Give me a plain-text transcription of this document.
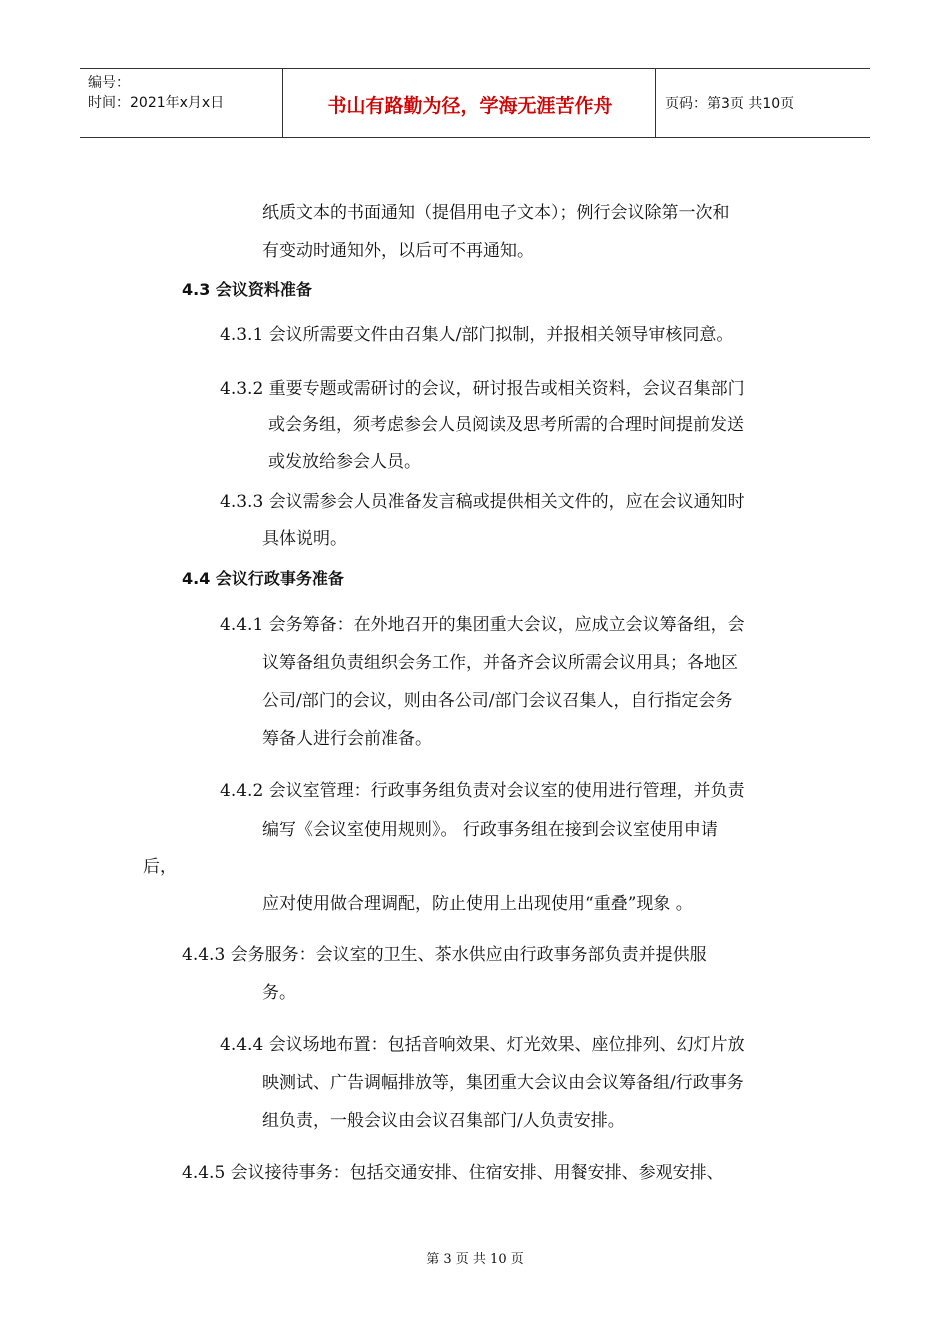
编号：
时间：2021年x月x日	书山有路勤为径，学海无涯苦作舟	页码：第3页 共10页
纸质文本的书面通知（提倡用电子文本）；例行会议除第一次和
有变动时通知外，以后可不再通知。
4.3 会议资料准备
4.3.1 会议所需要文件由召集人/部门拟制，并报相关领导审核同意。
4.3.2 重要专题或需研讨的会议，研讨报告或相关资料，会议召集部门
或会务组，须考虑参会人员阅读及思考所需的合理时间提前发送
或发放给参会人员。
4.3.3 会议需参会人员准备发言稿或提供相关文件的，应在会议通知时
具体说明。
4.4 会议行政事务准备
4.4.1 会务筹备：在外地召开的集团重大会议，应成立会议筹备组，会
议筹备组负责组织会务工作，并备齐会议所需会议用具；各地区
公司/部门的会议，则由各公司/部门会议召集人，自行指定会务
筹备人进行会前准备。
4.4.2 会议室管理：行政事务组负责对会议室的使用进行管理，并负责
编写《会议室使用规则》。 行政事务组在接到会议室使用申请
后，
应对使用做合理调配，防止使用上出现使用“重叠”现象 。
4.4.3 会务服务：会议室的卫生、茶水供应由行政事务部负责并提供服
务。
4.4.4 会议场地布置：包括音响效果、灯光效果、座位排列、幻灯片放
映测试、广告调幅排放等，集团重大会议由会议筹备组/行政事务
组负责，一般会议由会议召集部门/人负责安排。
4.4.5 会议接待事务：包括交通安排、住宿安排、用餐安排、参观安排、
第 3 页 共 10 页
